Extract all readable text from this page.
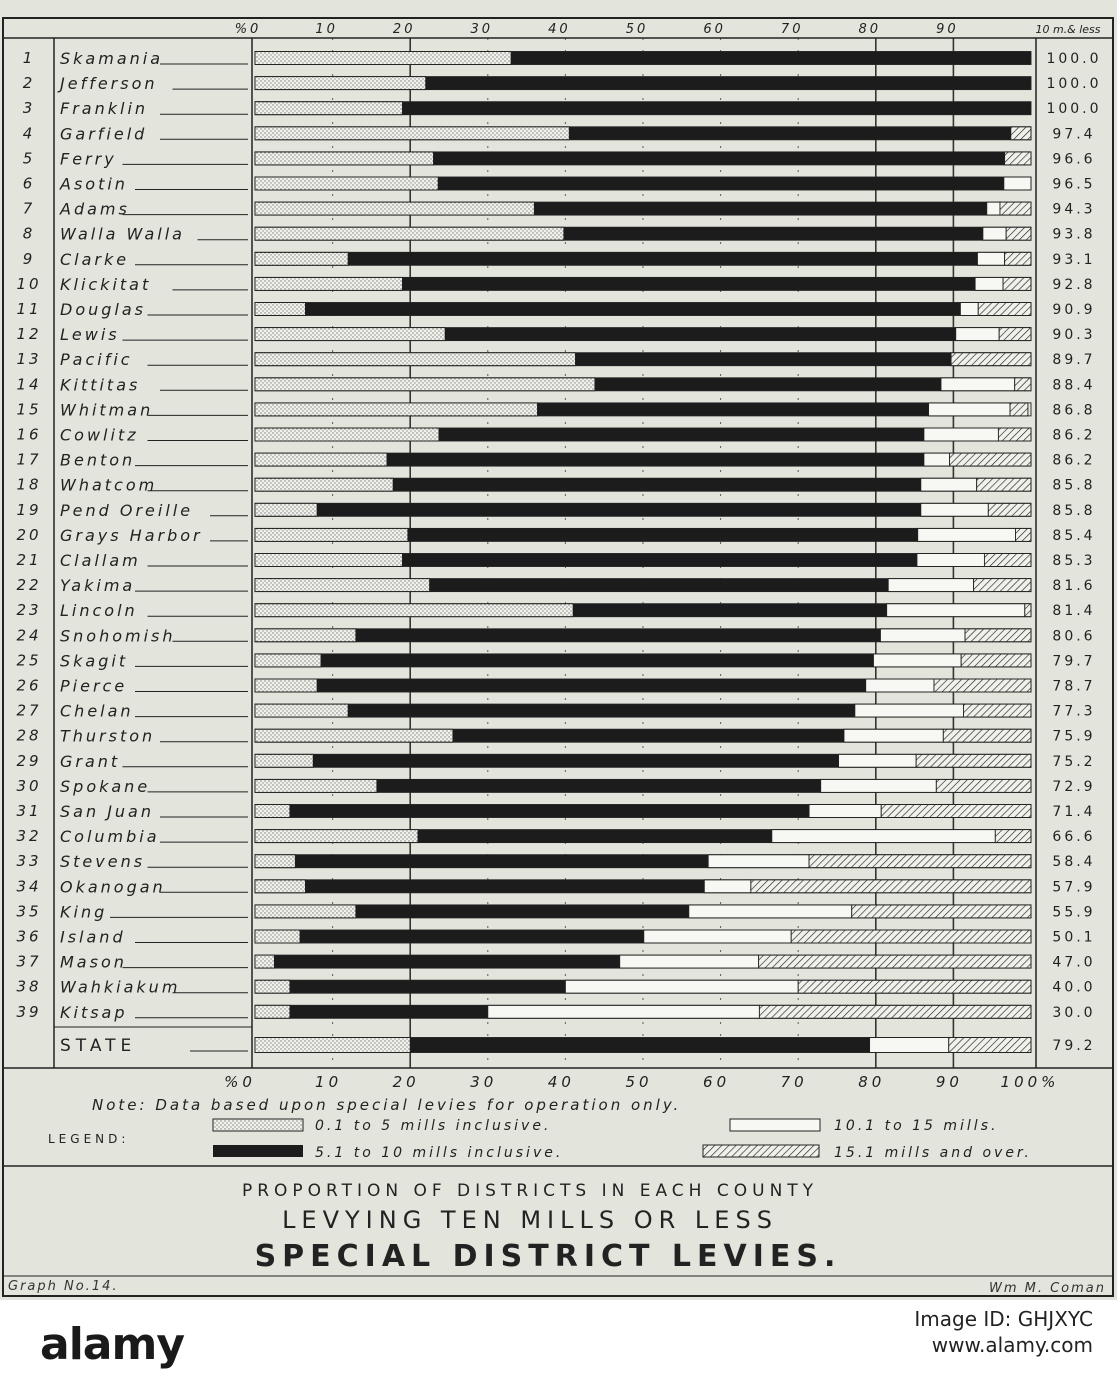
10	20	30	40	50	60	70	80	90
10	20	30	40	50	60	70	80	90
1 Skamania	100.0
2 Jefferson	100.0
3 Franklin	100.0
4 Garfield	97.4
5 Ferry	96.6
6 Asotin	96.5
7 Adams	94.3
8 Walla Walla	93.8
9 Clarke	93.1
10 Klickitat	92.8
11 Douglas	90.9
12 Lewis	90.3
13 Pacific	89.7
14 Kittitas	88.4
15 Whitman	86.8
16 Cowlitz	86.2
17 Benton	86.2
18 Whatcom	85.8
19 Pend Oreille	85.8
20 Grays Harbor	85.4
21 Clallam	85.3
22 Yakima	81.6
23 Lincoln	81.4
24 Snohomish	80.6
25 Skagit	79.7
26 Pierce	78.7
27 Chelan	77.3
28 Thurston	75.9
29 Grant	75.2
30 Spokane	72.9
31 San Juan	71.4
32 Columbia	66.6
33 Stevens	58.4
34 Okanogan	57.9
35 King	55.9
36 Island	50.1
37 Mason	47.0
38 Wahkiakum	40.0
39 Kitsap	30.0
STATE	79.2
%0	10 m.& less
%0	100%
Note: Data based upon special levies for operation only.
LEGEND:
0.1 to 5 mills inclusive.
5.1 to 10 mills inclusive.
10.1 to 15 mills.
15.1 mills and over.
PROPORTION OF DISTRICTS IN EACH COUNTY
LEVYING TEN MILLS OR LESS
SPECIAL DISTRICT LEVIES.
Graph No.14.	Wm M. Coman
alamy	Image ID: GHJXYC
www.alamy.com
